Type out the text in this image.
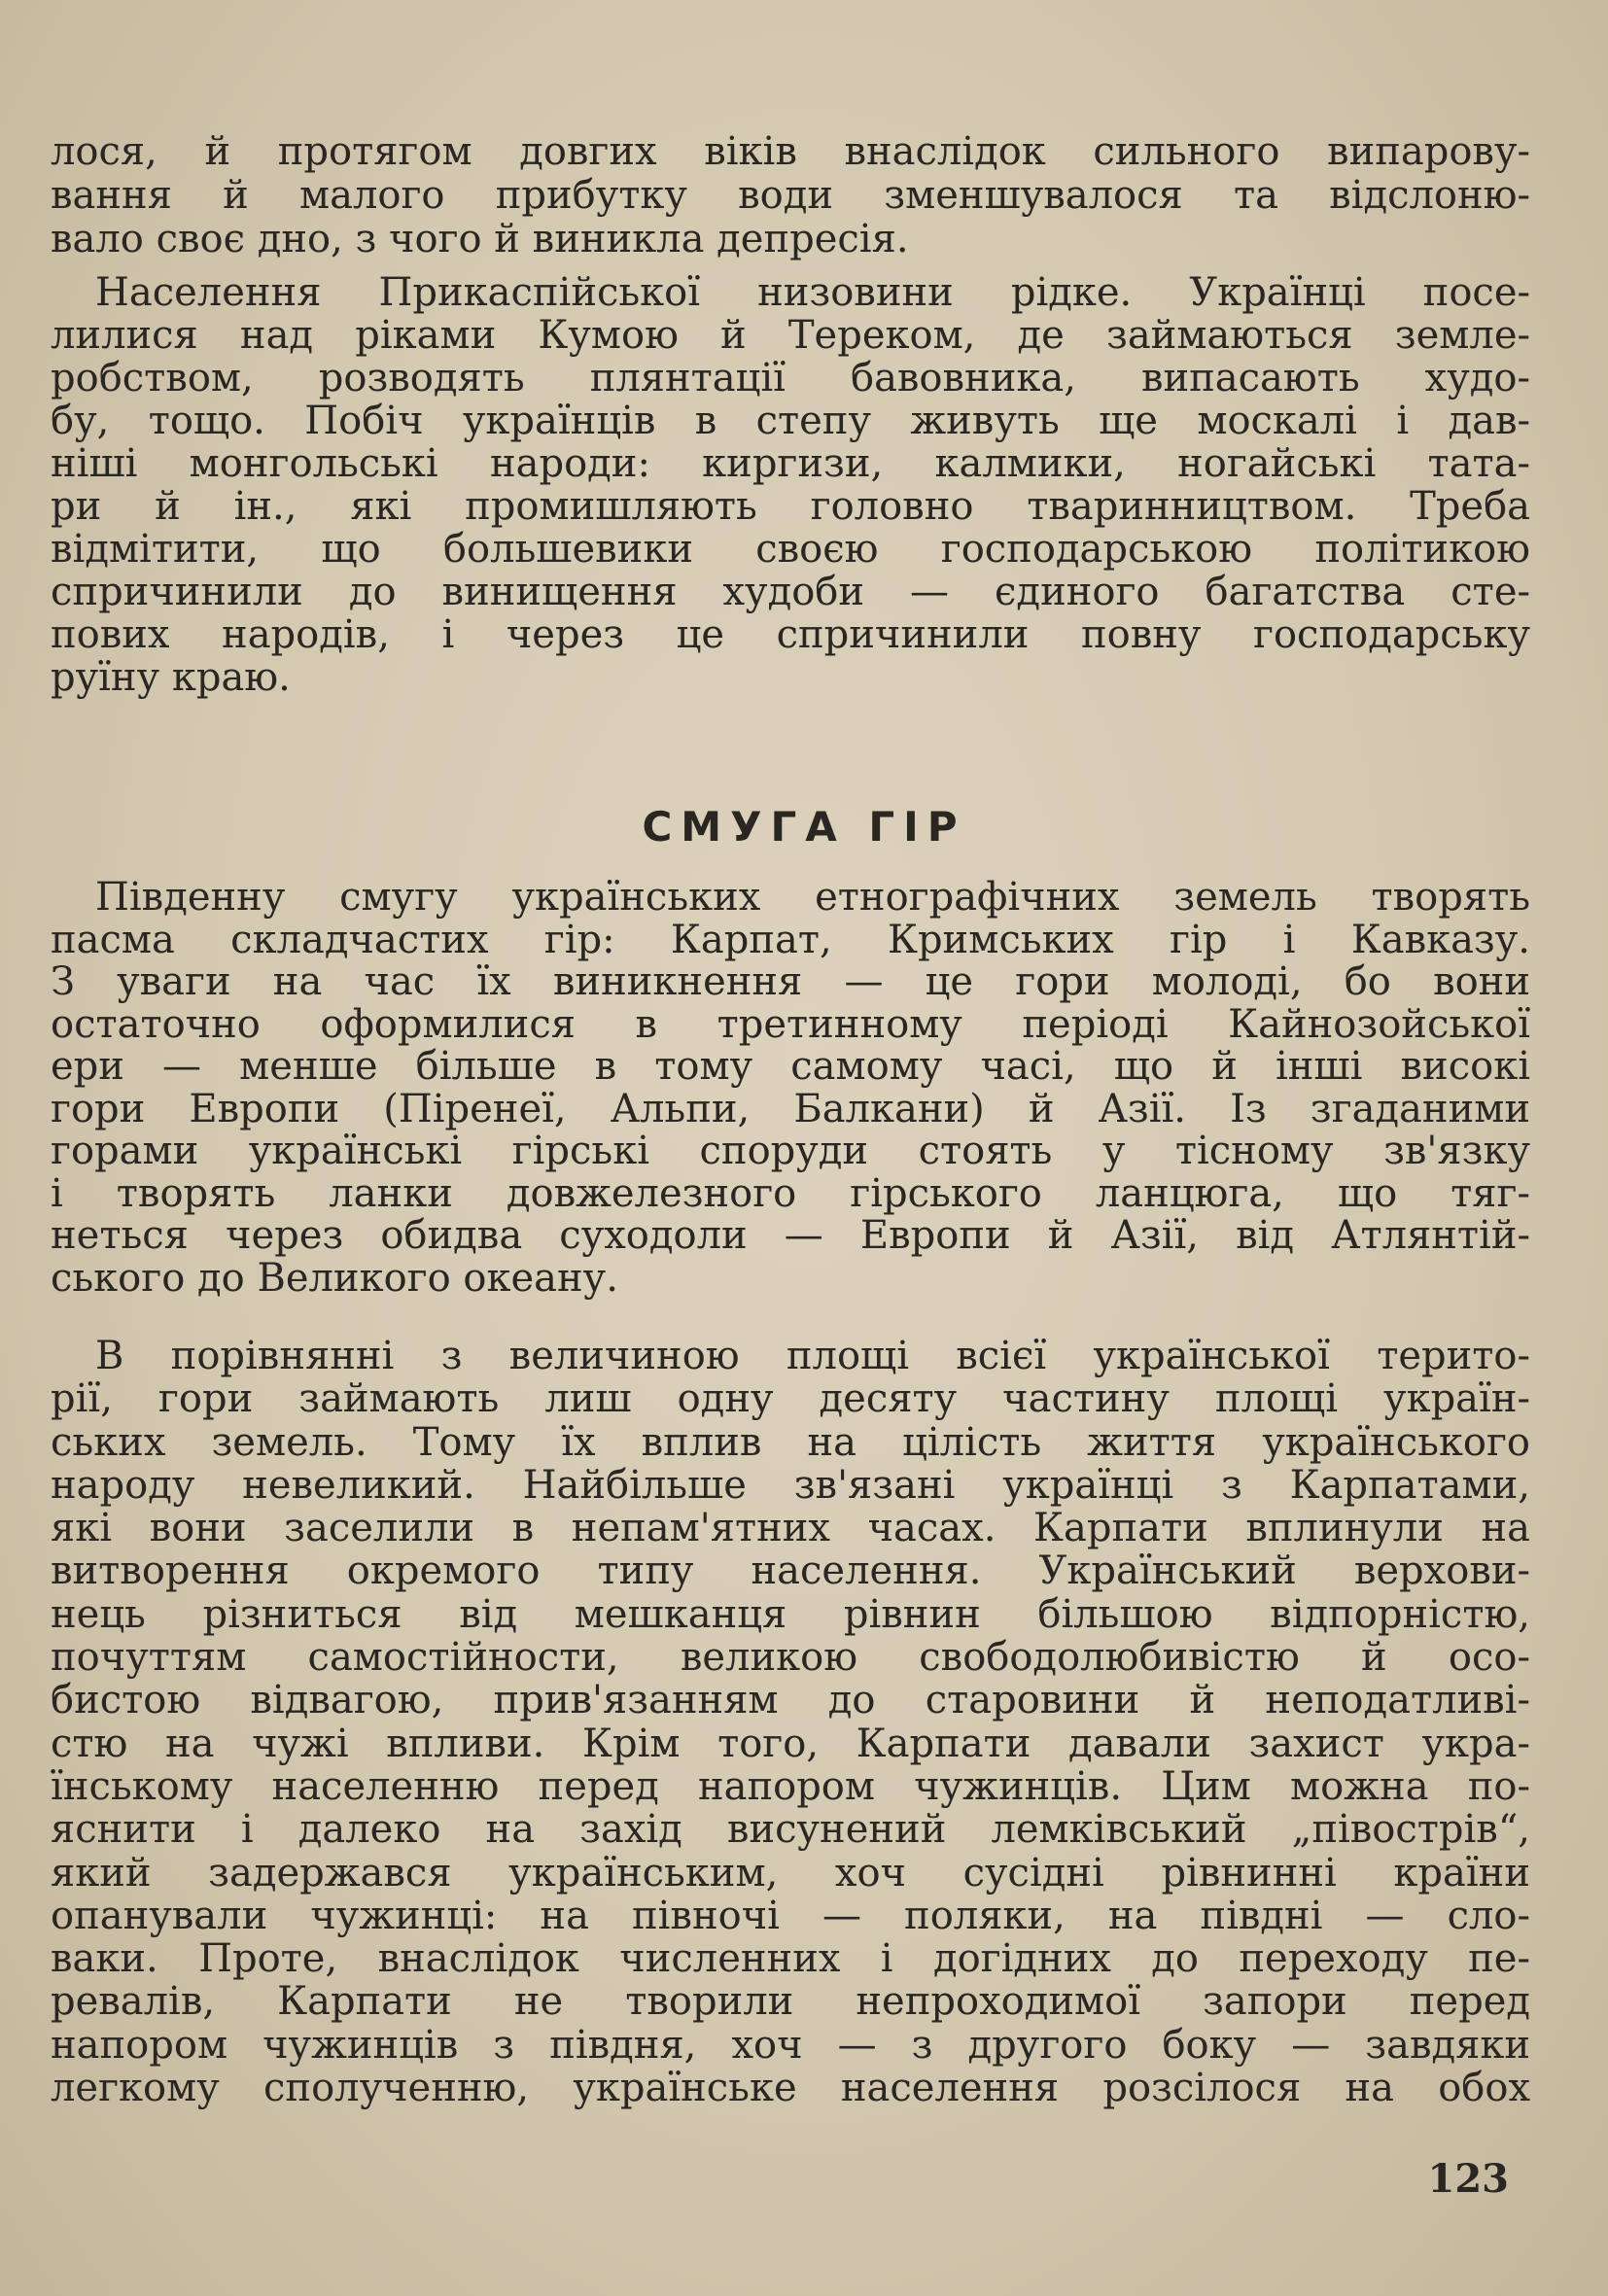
лося, й протягом довгих віків внаслідок сильного випарову-
вання й малого прибутку води зменшувалося та відслоню-
вало своє дно, з чого й виникла депресія.
Населення Прикаспійської низовини рідке. Українці посе-
лилися над ріками Кумою й Тереком, де займаються земле-
робством, розводять плянтації бавовника, випасають худо-
бу, тощо. Побіч українців в степу живуть ще москалі і дав-
ніші монгольські народи: киргизи, калмики, ногайські тата-
ри й ін., які промишляють головно тваринництвом. Треба
відмітити, що большевики своєю господарською політикою
спричинили до винищення худоби — єдиного багатства сте-
пових народів, і через це спричинили повну господарську
руїну краю.
СМУГА ГІР
Південну смугу українських етнографічних земель творять
пасма складчастих гір: Карпат, Кримських гір і Кавказу.
З уваги на час їх виникнення — це гори молоді, бо вони
остаточно оформилися в третинному періоді Кайнозойської
ери — менше більше в тому самому часі, що й інші високі
гори Европи (Піренеї, Альпи, Балкани) й Азії. Із згаданими
горами українські гірські споруди стоять у тісному зв'язку
і творять ланки довжелезного гірського ланцюга, що тяг-
неться через обидва суходоли — Европи й Азії, від Атлянтій-
ського до Великого океану.
В порівнянні з величиною площі всієї української терито-
рії, гори займають лиш одну десяту частину площі україн-
ських земель. Тому їх вплив на цілість життя українського
народу невеликий. Найбільше зв'язані українці з Карпатами,
які вони заселили в непам'ятних часах. Карпати вплинули на
витворення окремого типу населення. Український верхови-
нець різниться від мешканця рівнин більшою відпорністю,
почуттям самостійности, великою свободолюбивістю й осо-
бистою відвагою, прив'язанням до старовини й неподатливі-
стю на чужі впливи. Крім того, Карпати давали захист укра-
їнському населенню перед напором чужинців. Цим можна по-
яснити і далеко на захід висунений лемківський „півострів“,
який задержався українським, хоч сусідні рівнинні країни
опанували чужинці: на півночі — поляки, на півдні — сло-
ваки. Проте, внаслідок численних і догідних до переходу пе-
ревалів, Карпати не творили непроходимої запори перед
напором чужинців з півдня, хоч — з другого боку — завдяки
легкому сполученню, українське населення розсілося на обох
123
